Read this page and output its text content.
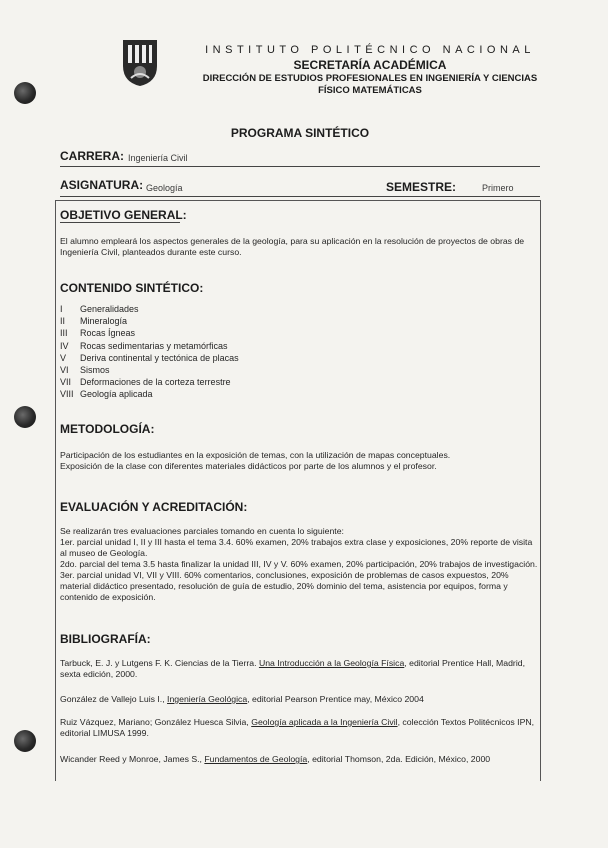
INSTITUTO POLITÉCNICO NACIONAL
SECRETARÍA ACADÉMICA
DIRECCIÓN DE ESTUDIOS PROFESIONALES EN INGENIERÍA Y CIENCIAS
FÍSICO MATEMÁTICAS
PROGRAMA SINTÉTICO
CARRERA: Ingeniería Civil
ASIGNATURA: Geología	SEMESTRE:	Primero
OBJETIVO GENERAL:
El alumno empleará los aspectos generales de la geología, para su aplicación en la resolución de proyectos de obras de Ingeniería Civil, planteados durante este curso.
CONTENIDO SINTÉTICO:
I	Generalidades
II	Mineralogía
III	Rocas Ígneas
IV	Rocas sedimentarias y metamórficas
V	Deriva continental y tectónica de placas
VI	Sismos
VII Deformaciones de la corteza terrestre
VIII Geología aplicada
METODOLOGÍA:
Participación de los estudiantes en la exposición de temas, con la utilización de mapas conceptuales.
Exposición de la clase con diferentes materiales didácticos por parte de los alumnos y el profesor.
EVALUACIÓN Y ACREDITACIÓN:
Se realizarán tres evaluaciones parciales tomando en cuenta lo siguiente:
1er. parcial unidad I, II y III hasta el tema 3.4. 60% examen, 20% trabajos extra clase y exposiciones, 20% reporte de visita al museo de Geología.
2do. parcial del tema 3.5 hasta finalizar la unidad III, IV y V. 60% examen, 20% participación, 20% trabajos de investigación.
3er. parcial unidad VI, VII y VIII. 60% comentarios, conclusiones, exposición de problemas de casos expuestos, 20% material didáctico presentado, resolución de guía de estudio, 20% dominio del tema, asistencia por equipos, forma y contenido de exposición.
BIBLIOGRAFÍA:
Tarbuck, E. J. y Lutgens F. K. Ciencias de la Tierra. Una Introducción a la Geología Física, editorial Prentice Hall, Madrid, sexta edición, 2000.
González de Vallejo Luis I., Ingeniería Geológica, editorial Pearson Prentice may, México 2004
Ruiz Vázquez, Mariano; González Huesca Silvia, Geología aplicada a la Ingeniería Civil, colección Textos Politécnicos IPN, editorial LIMUSA 1999.
Wicander Reed y Monroe, James S., Fundamentos de Geología, editorial Thomson, 2da. Edición, México, 2000
